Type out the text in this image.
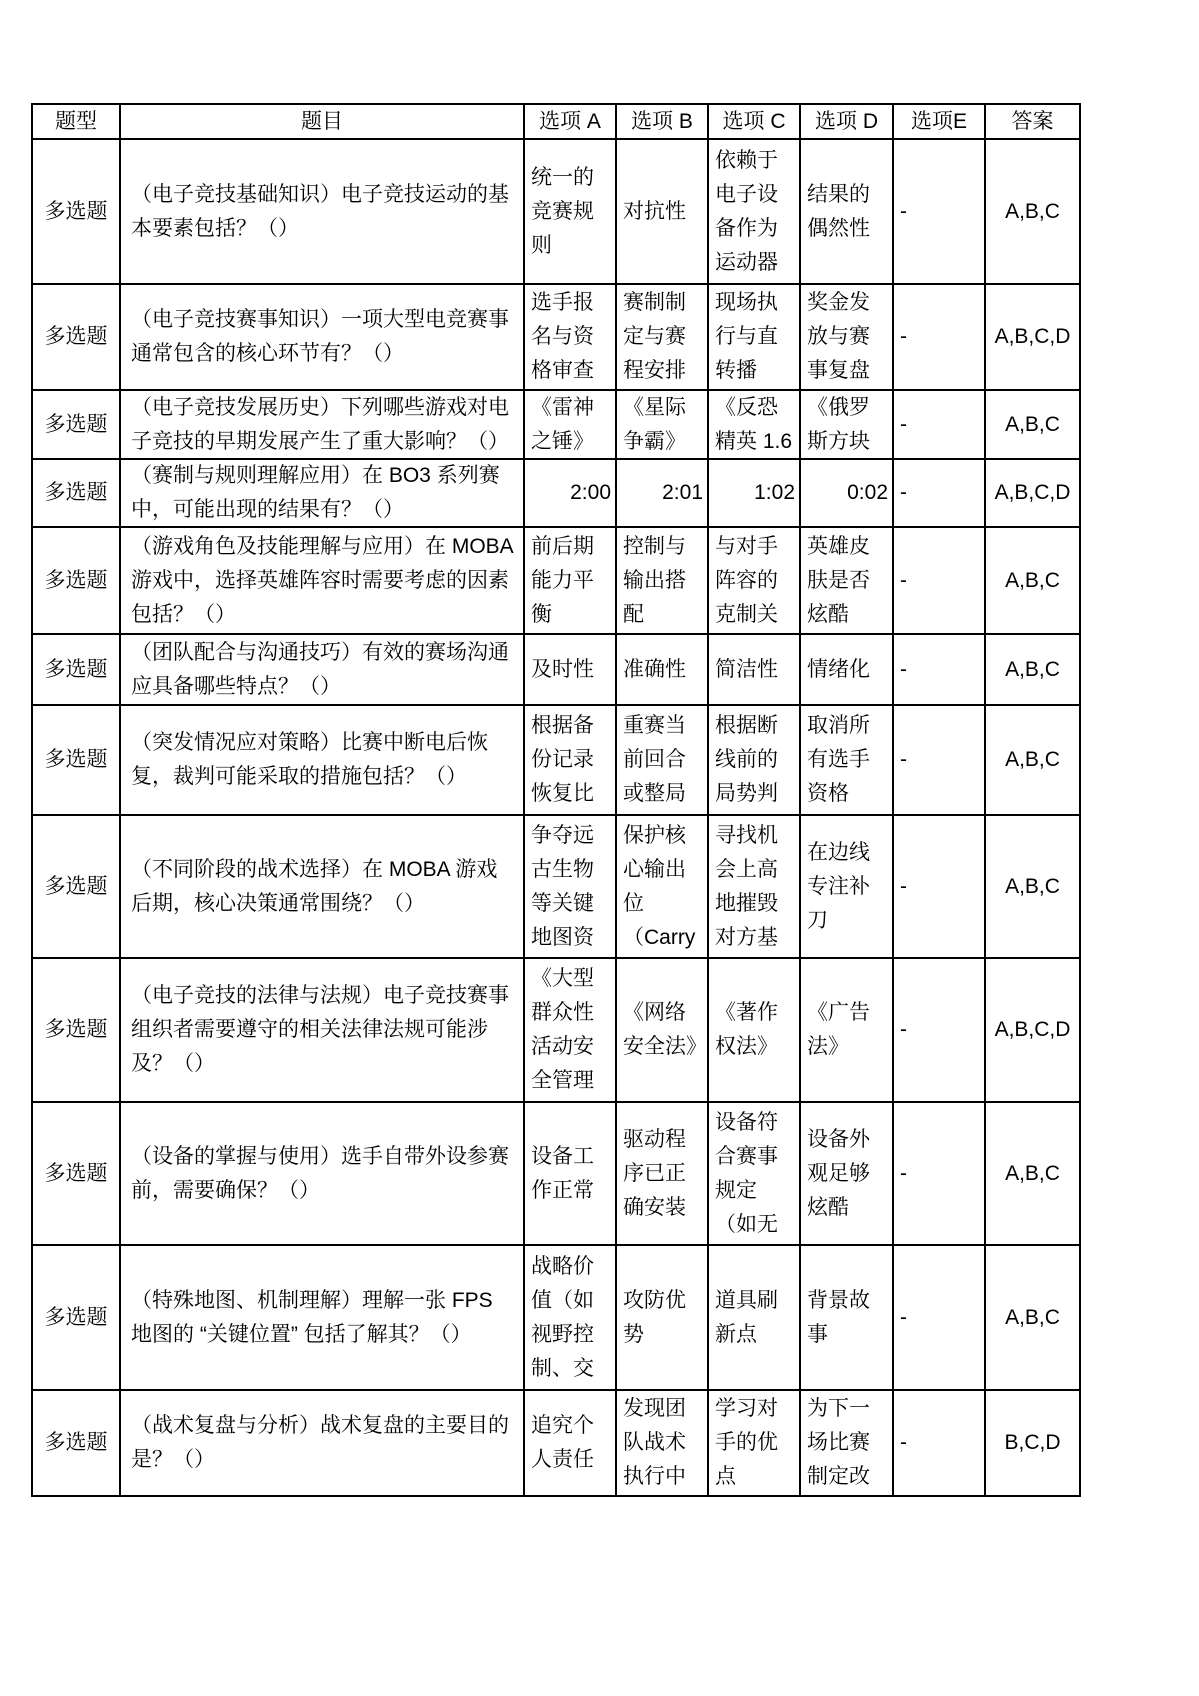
题型	题目	选项 A	选项 B	选项 C	选项 D	选项E	答案

多选题	（电子竞技基础知识）电子竞技运动的基本要素包括？（）	统一的竞赛规则	对抗性	依赖于电子设备作为运动器	结果的偶然性	-	A,B,C

多选题	（电子竞技赛事知识）一项大型电竞赛事通常包含的核心环节有？（）	选手报名与资格审查	赛制制定与赛程安排	现场执行与直转播	奖金发放与赛事复盘	-	A,B,C,D

多选题	（电子竞技发展历史）下列哪些游戏对电子竞技的早期发展产生了重大影响？（）	《雷神之锤》	《星际争霸》	《反恐精英 1.6	《俄罗斯方块	-	A,B,C

多选题	（赛制与规则理解应用）在 BO3 系列赛中，可能出现的结果有？（）	2:00	2:01	1:02	0:02	-	A,B,C,D

多选题	（游戏角色及技能理解与应用）在 MOBA 游戏中，选择英雄阵容时需要考虑的因素包括？（）	前后期能力平衡	控制与输出搭配	与对手阵容的克制关	英雄皮肤是否炫酷	-	A,B,C

多选题	（团队配合与沟通技巧）有效的赛场沟通应具备哪些特点？（）	及时性	准确性	简洁性	情绪化	-	A,B,C

多选题	（突发情况应对策略）比赛中断电后恢复，裁判可能采取的措施包括？（）	根据备份记录恢复比	重赛当前回合或整局	根据断线前的局势判	取消所有选手资格	-	A,B,C

多选题	（不同阶段的战术选择）在 MOBA 游戏后期，核心决策通常围绕？（）	争夺远古生物等关键地图资	保护核心输出位（Carry	寻找机会上高地摧毁对方基	在边线专注补刀	-	A,B,C

多选题	（电子竞技的法律与法规）电子竞技赛事组织者需要遵守的相关法律法规可能涉及？（）	《大型群众性活动安全管理	《网络安全法》	《著作权法》	《广告法》	-	A,B,C,D

多选题	（设备的掌握与使用）选手自带外设参赛前，需要确保？（）	设备工作正常	驱动程序已正确安装	设备符合赛事规定（如无	设备外观足够炫酷	-	A,B,C

多选题	（特殊地图、机制理解）理解一张 FPS 地图的 “关键位置” 包括了解其？（）	战略价值（如视野控制、交	攻防优势	道具刷新点	背景故事	-	A,B,C

多选题	（战术复盘与分析）战术复盘的主要目的是？（）	追究个人责任	发现团队战术执行中	学习对手的优点	为下一场比赛制定改	-	B,C,D
